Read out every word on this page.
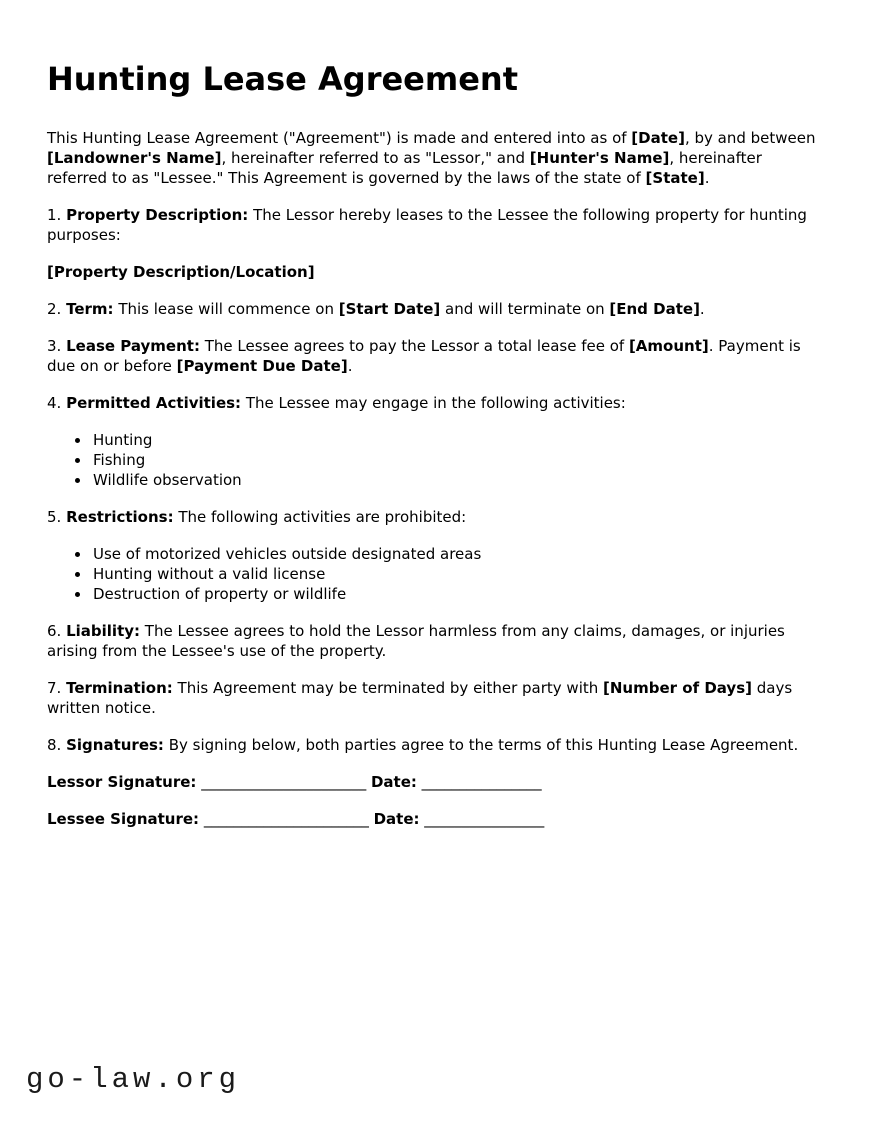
Hunting Lease Agreement

This Hunting Lease Agreement ("Agreement") is made and entered into as of [Date], by and between [Landowner's Name], hereinafter referred to as "Lessor," and [Hunter's Name], hereinafter referred to as "Lessee." This Agreement is governed by the laws of the state of [State].

1. Property Description: The Lessor hereby leases to the Lessee the following property for hunting purposes:

[Property Description/Location]

2. Term: This lease will commence on [Start Date] and will terminate on [End Date].

3. Lease Payment: The Lessee agrees to pay the Lessor a total lease fee of [Amount]. Payment is due on or before [Payment Due Date].

4. Permitted Activities: The Lessee may engage in the following activities:

• Hunting
• Fishing
• Wildlife observation

5. Restrictions: The following activities are prohibited:

• Use of motorized vehicles outside designated areas
• Hunting without a valid license
• Destruction of property or wildlife

6. Liability: The Lessee agrees to hold the Lessor harmless from any claims, damages, or injuries arising from the Lessee's use of the property.

7. Termination: This Agreement may be terminated by either party with [Number of Days] days written notice.

8. Signatures: By signing below, both parties agree to the terms of this Hunting Lease Agreement.

Lessor Signature: ______________________ Date: ________________

Lessee Signature: ______________________ Date: ________________

go-law.org
